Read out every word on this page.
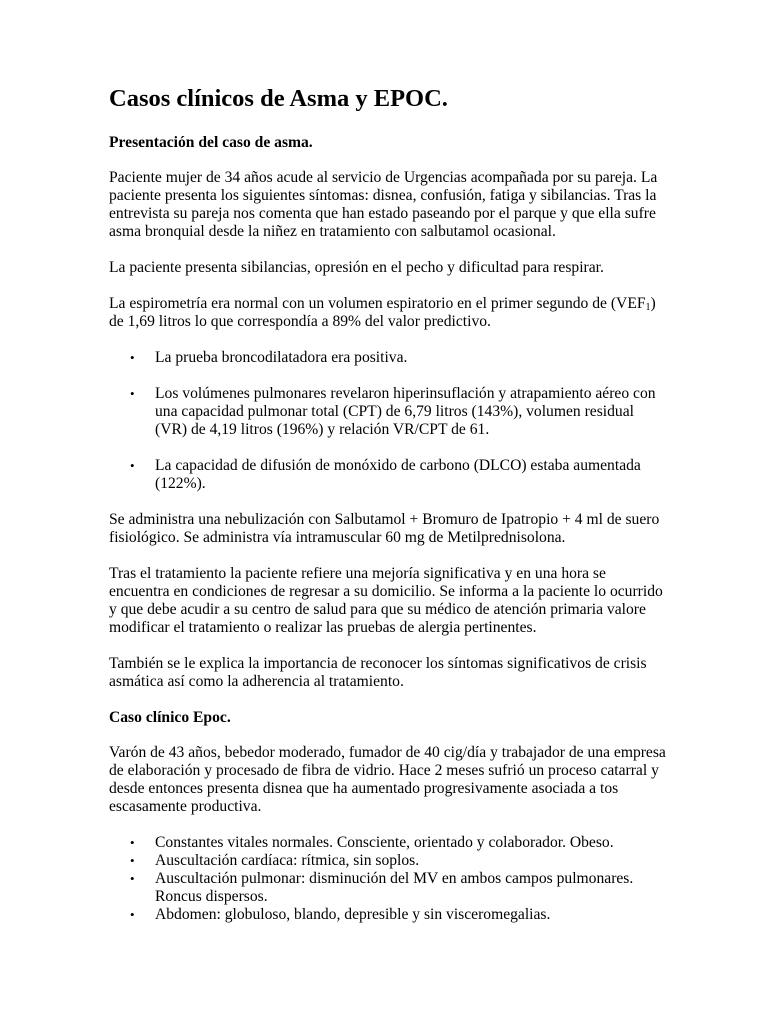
Casos clínicos de Asma y EPOC.
Presentación del caso de asma.

Paciente mujer de 34 años acude al servicio de Urgencias acompañada por su pareja. La paciente presenta los siguientes síntomas: disnea, confusión, fatiga y sibilancias. Tras la entrevista su pareja nos comenta que han estado paseando por el parque y que ella sufre asma bronquial desde la niñez en tratamiento con salbutamol ocasional.

La paciente presenta sibilancias, opresión en el pecho y dificultad para respirar.

La espirometría era normal con un volumen espiratorio en el primer segundo de $(VEF_1)$ de 1,69 litros lo que correspondía a 89% del valor predictivo.

• La prueba broncodilatadora era positiva.
• Los volúmenes pulmonares revelaron hiperinsuflación y atrapamiento aéreo con una capacidad pulmonar total (CPT) de 6,79 litros (143%), volumen residual (VR) de 4,19 litros (196%) y relación VR/CPT de 61.
• La capacidad de difusión de monóxido de carbono (DLCO) estaba aumentada (122%).

Se administra una nebulización con Salbutamol + Bromuro de Ipatropio + 4 ml de suero fisiológico. Se administra vía intramuscular 60 mg de Metilprednisolona.

Tras el tratamiento la paciente refiere una mejoría significativa y en una hora se encuentra en condiciones de regresar a su domicilio. Se informa a la paciente lo ocurrido y que debe acudir a su centro de salud para que su médico de atención primaria valore modificar el tratamiento o realizar las pruebas de alergia pertinentes.

También se le explica la importancia de reconocer los síntomas significativos de crisis asmática así como la adherencia al tratamiento.

Caso clínico Epoc.

Varón de 43 años, bebedor moderado, fumador de 40 cig/día y trabajador de una empresa de elaboración y procesado de fibra de vidrio. Hace 2 meses sufrió un proceso catarral y desde entonces presenta disnea que ha aumentado progresivamente asociada a tos escasamente productiva.

• Constantes vitales normales. Consciente, orientado y colaborador. Obeso.
• Auscultación cardíaca: rítmica, sin soplos.
• Auscultación pulmonar: disminución del MV en ambos campos pulmonares. Roncus dispersos.
• Abdomen: globuloso, blando, depresible y sin visceromegalias.
